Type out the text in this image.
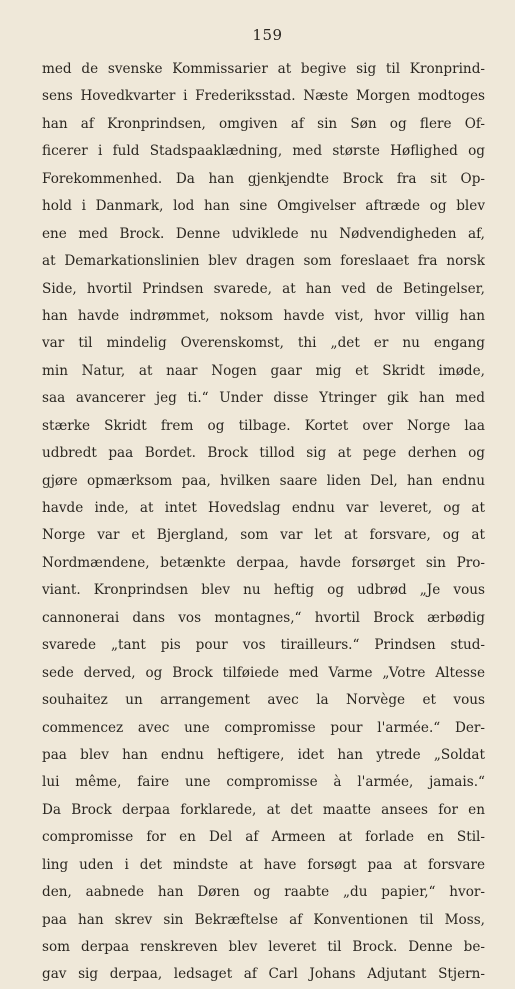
159
med de svenske Kommissarier at begive sig til Kronprind-
sens Hovedkvarter i Frederiksstad. Næste Morgen modtoges
han af Kronprindsen, omgiven af sin Søn og flere Of-
ficerer i fuld Stadspaaklædning, med største Høflighed og
Forekommenhed. Da han gjenkjendte Brock fra sit Op-
hold i Danmark, lod han sine Omgivelser aftræde og blev
ene med Brock. Denne udviklede nu Nødvendigheden af,
at Demarkationslinien blev dragen som foreslaaet fra norsk
Side, hvortil Prindsen svarede, at han ved de Betingelser,
han havde indrømmet, noksom havde vist, hvor villig han
var til mindelig Overenskomst, thi „det er nu engang
min Natur, at naar Nogen gaar mig et Skridt imøde,
saa avancerer jeg ti.“ Under disse Ytringer gik han med
stærke Skridt frem og tilbage. Kortet over Norge laa
udbredt paa Bordet. Brock tillod sig at pege derhen og
gjøre opmærksom paa, hvilken saare liden Del, han endnu
havde inde, at intet Hovedslag endnu var leveret, og at
Norge var et Bjergland, som var let at forsvare, og at
Nordmændene, betænkte derpaa, havde forsørget sin Pro-
viant. Kronprindsen blev nu heftig og udbrød „Je vous
cannonerai dans vos montagnes,“ hvortil Brock ærbødig
svarede „tant pis pour vos tirailleurs.“ Prindsen stud-
sede derved, og Brock tilføiede med Varme „Votre Altesse
souhaitez un arrangement avec la Norvège et vous
commencez avec une compromisse pour l'armée.“ Der-
paa blev han endnu heftigere, idet han ytrede „Soldat
lui même, faire une compromisse à l'armée, jamais.“
Da Brock derpaa forklarede, at det maatte ansees for en
compromisse for en Del af Armeen at forlade en Stil-
ling uden i det mindste at have forsøgt paa at forsvare
den, aabnede han Døren og raabte „du papier,“ hvor-
paa han skrev sin Bekræftelse af Konventionen til Moss,
som derpaa renskreven blev leveret til Brock. Denne be-
gav sig derpaa, ledsaget af Carl Johans Adjutant Stjern-
